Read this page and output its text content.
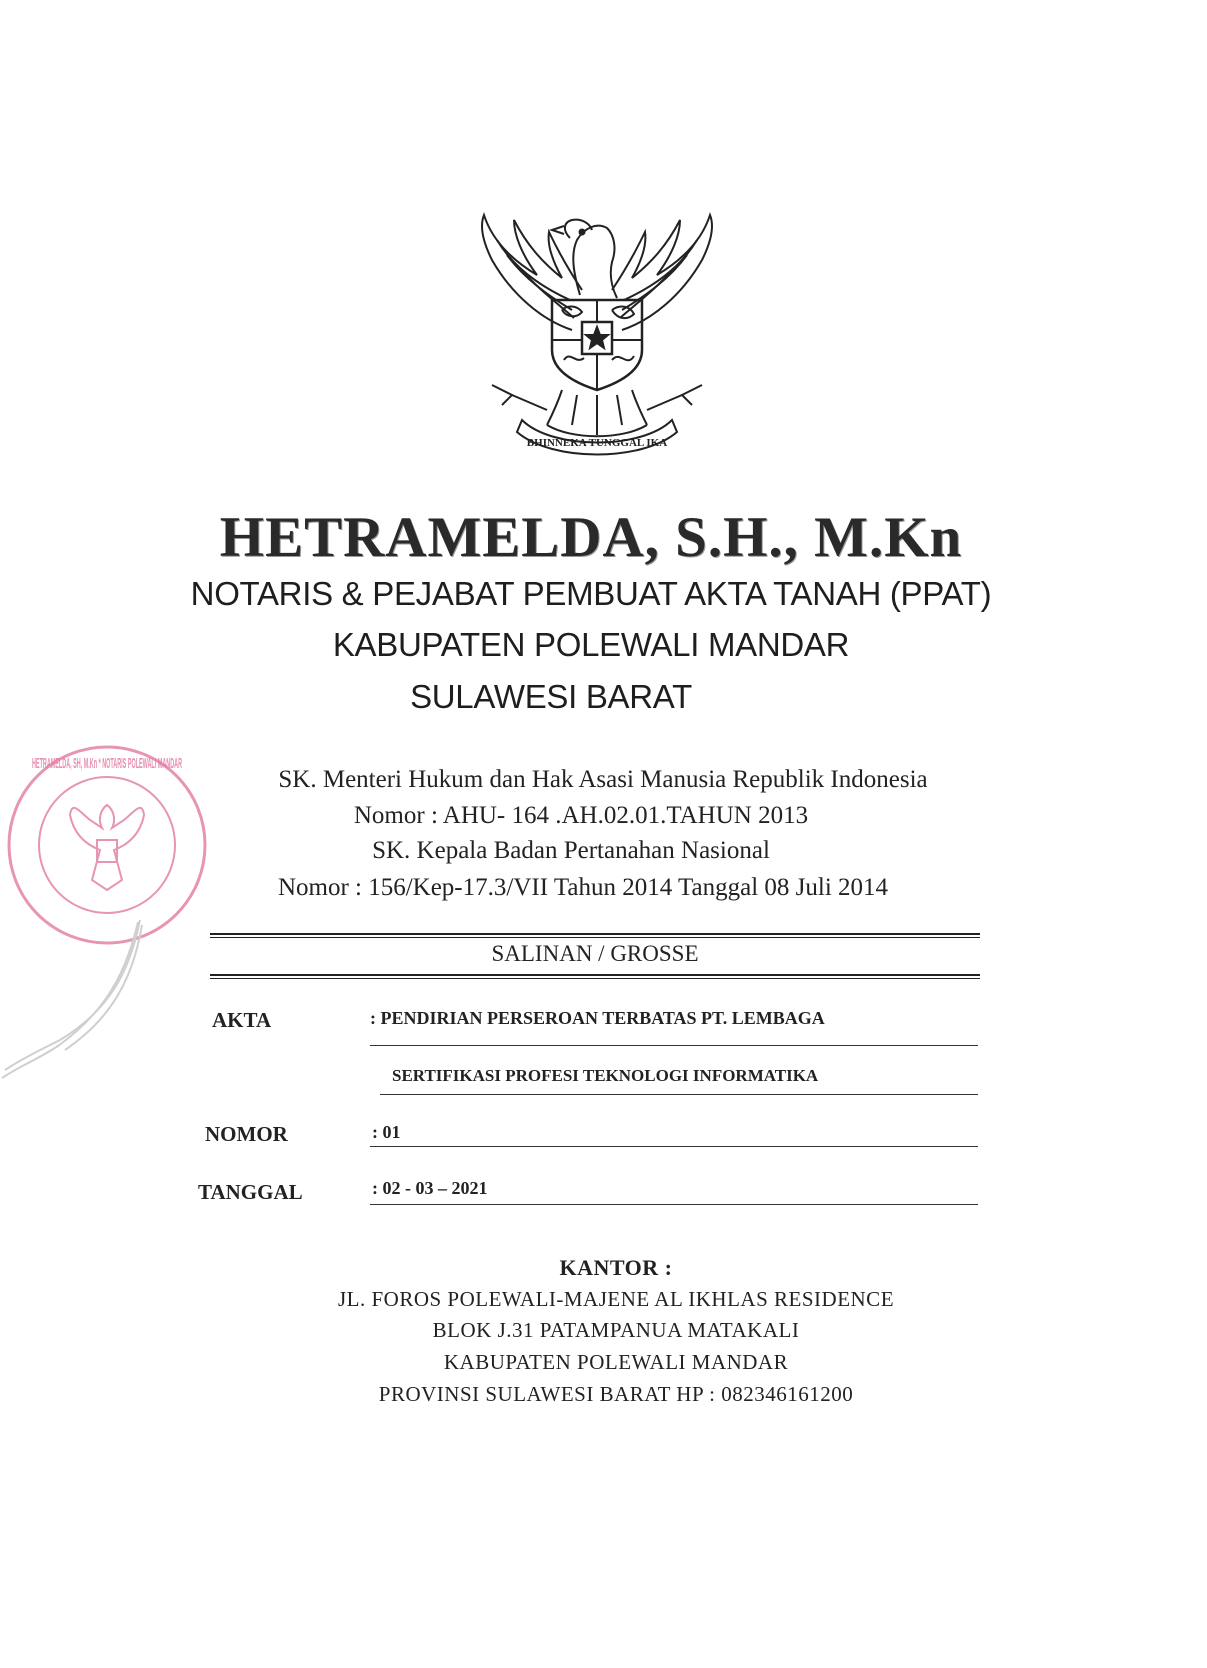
BHINNEKA TUNGGAL IKA
HETRAMELDA, S.H., M.Kn
NOTARIS & PEJABAT PEMBUAT AKTA TANAH (PPAT)
KABUPATEN POLEWALI MANDAR
SULAWESI BARAT
SK. Menteri Hukum dan Hak Asasi Manusia Republik Indonesia
Nomor : AHU- 164 .AH.02.01.TAHUN 2013
SK. Kepala Badan Pertanahan Nasional
Nomor : 156/Kep-17.3/VII Tahun 2014 Tanggal 08 Juli 2014
SALINAN / GROSSE
AKTA	: PENDIRIAN PERSEROAN TERBATAS PT. LEMBAGA
SERTIFIKASI PROFESI TEKNOLOGI INFORMATIKA
NOMOR	: 01
TANGGAL	: 02 - 03 – 2021
KANTOR :
JL. FOROS POLEWALI-MAJENE AL IKHLAS RESIDENCE
BLOK J.31 PATAMPANUA MATAKALI
KABUPATEN POLEWALI MANDAR
PROVINSI SULAWESI BARAT HP : 082346161200
HETRAMELDA, SH, M.Kn * NOTARIS POLEWALI MANDAR
